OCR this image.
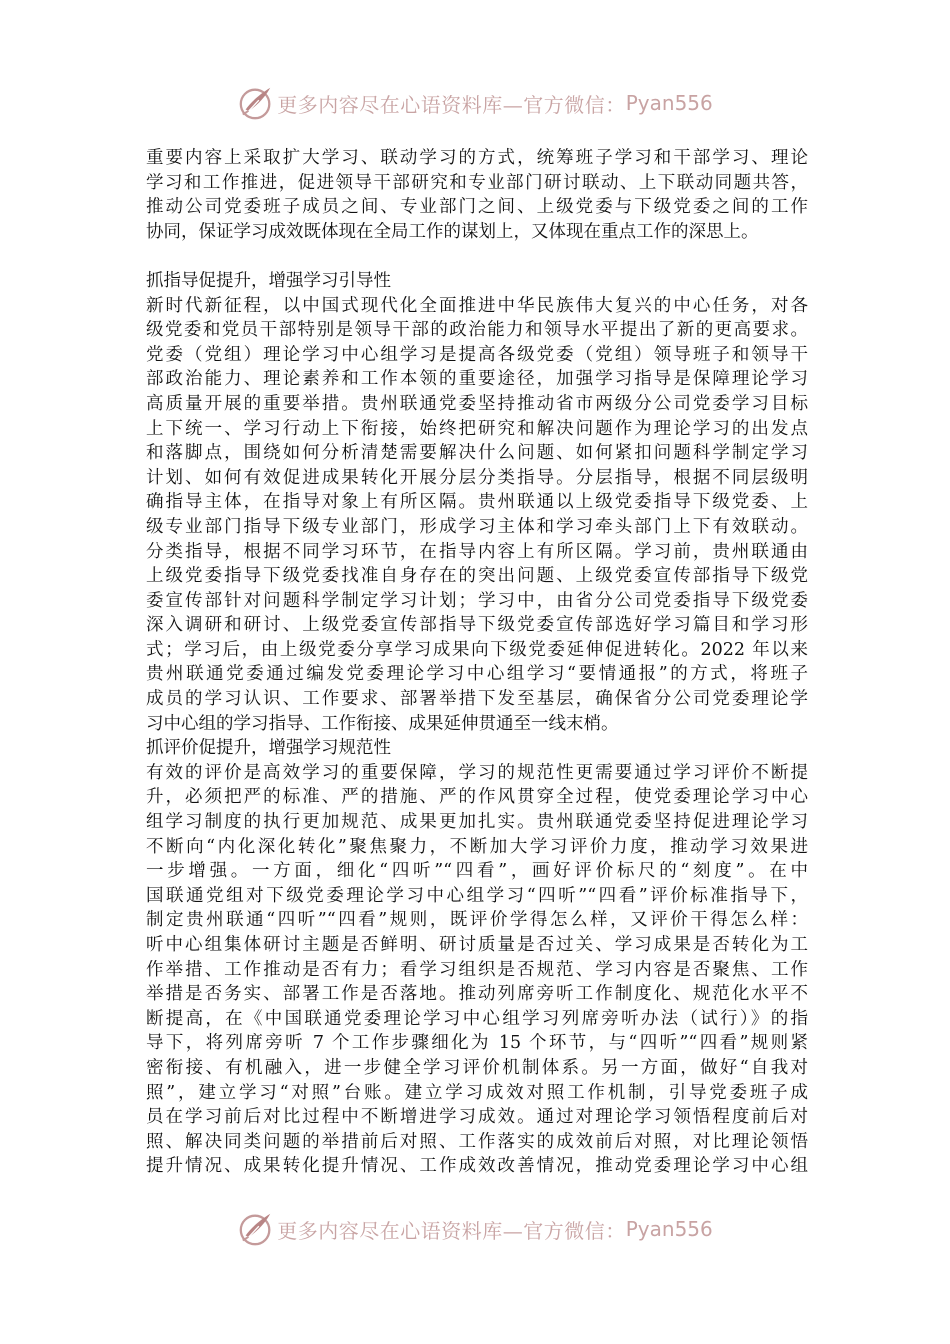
更多内容尽在心语资料库—官方微信： Pyan556
重要内容上采取扩大学习、联动学习的方式，统筹班子学习和干部学习、理论
学习和工作推进，促进领导干部研究和专业部门研讨联动、上下联动同题共答，
推动公司党委班子成员之间、专业部门之间、上级党委与下级党委之间的工作
协同，保证学习成效既体现在全局工作的谋划上，又体现在重点工作的深思上。
抓指导促提升，增强学习引导性
新时代新征程，以中国式现代化全面推进中华民族伟大复兴的中心任务，对各
级党委和党员干部特别是领导干部的政治能力和领导水平提出了新的更高要求。
党委（党组）理论学习中心组学习是提高各级党委（党组）领导班子和领导干
部政治能力、理论素养和工作本领的重要途径，加强学习指导是保障理论学习
高质量开展的重要举措。贵州联通党委坚持推动省市两级分公司党委学习目标
上下统一、学习行动上下衔接，始终把研究和解决问题作为理论学习的出发点
和落脚点，围绕如何分析清楚需要解决什么问题、如何紧扣问题科学制定学习
计划、如何有效促进成果转化开展分层分类指导。分层指导，根据不同层级明
确指导主体，在指导对象上有所区隔。贵州联通以上级党委指导下级党委、上
级专业部门指导下级专业部门，形成学习主体和学习牵头部门上下有效联动。
分类指导，根据不同学习环节，在指导内容上有所区隔。学习前，贵州联通由
上级党委指导下级党委找准自身存在的突出问题、上级党委宣传部指导下级党
委宣传部针对问题科学制定学习计划；学习中，由省分公司党委指导下级党委
深入调研和研讨、上级党委宣传部指导下级党委宣传部选好学习篇目和学习形
式；学习后，由上级党委分享学习成果向下级党委延伸促进转化。2022 年以来
贵州联通党委通过编发党委理论学习中心组学习“要情通报”的方式，将班子
成员的学习认识、工作要求、部署举措下发至基层，确保省分公司党委理论学
习中心组的学习指导、工作衔接、成果延伸贯通至一线末梢。
抓评价促提升，增强学习规范性
有效的评价是高效学习的重要保障，学习的规范性更需要通过学习评价不断提
升，必须把严的标准、严的措施、严的作风贯穿全过程，使党委理论学习中心
组学习制度的执行更加规范、成果更加扎实。贵州联通党委坚持促进理论学习
不断向“内化深化转化”聚焦聚力，不断加大学习评价力度，推动学习效果进
一步增强。一方面，细化“四听”“四看”，画好评价标尺的“刻度”。在中
国联通党组对下级党委理论学习中心组学习“四听”“四看”评价标准指导下，
制定贵州联通“四听”“四看”规则，既评价学得怎么样，又评价干得怎么样：
听中心组集体研讨主题是否鲜明、研讨质量是否过关、学习成果是否转化为工
作举措、工作推动是否有力；看学习组织是否规范、学习内容是否聚焦、工作
举措是否务实、部署工作是否落地。推动列席旁听工作制度化、规范化水平不
断提高，在《中国联通党委理论学习中心组学习列席旁听办法（试行）》的指
导下，将列席旁听 7 个工作步骤细化为 15 个环节，与“四听”“四看”规则紧
密衔接、有机融入，进一步健全学习评价机制体系。另一方面，做好“自我对
照”，建立学习“对照”台账。建立学习成效对照工作机制，引导党委班子成
员在学习前后对比过程中不断增进学习成效。通过对理论学习领悟程度前后对
照、解决同类问题的举措前后对照、工作落实的成效前后对照，对比理论领悟
提升情况、成果转化提升情况、工作成效改善情况，推动党委理论学习中心组
更多内容尽在心语资料库—官方微信： Pyan556
